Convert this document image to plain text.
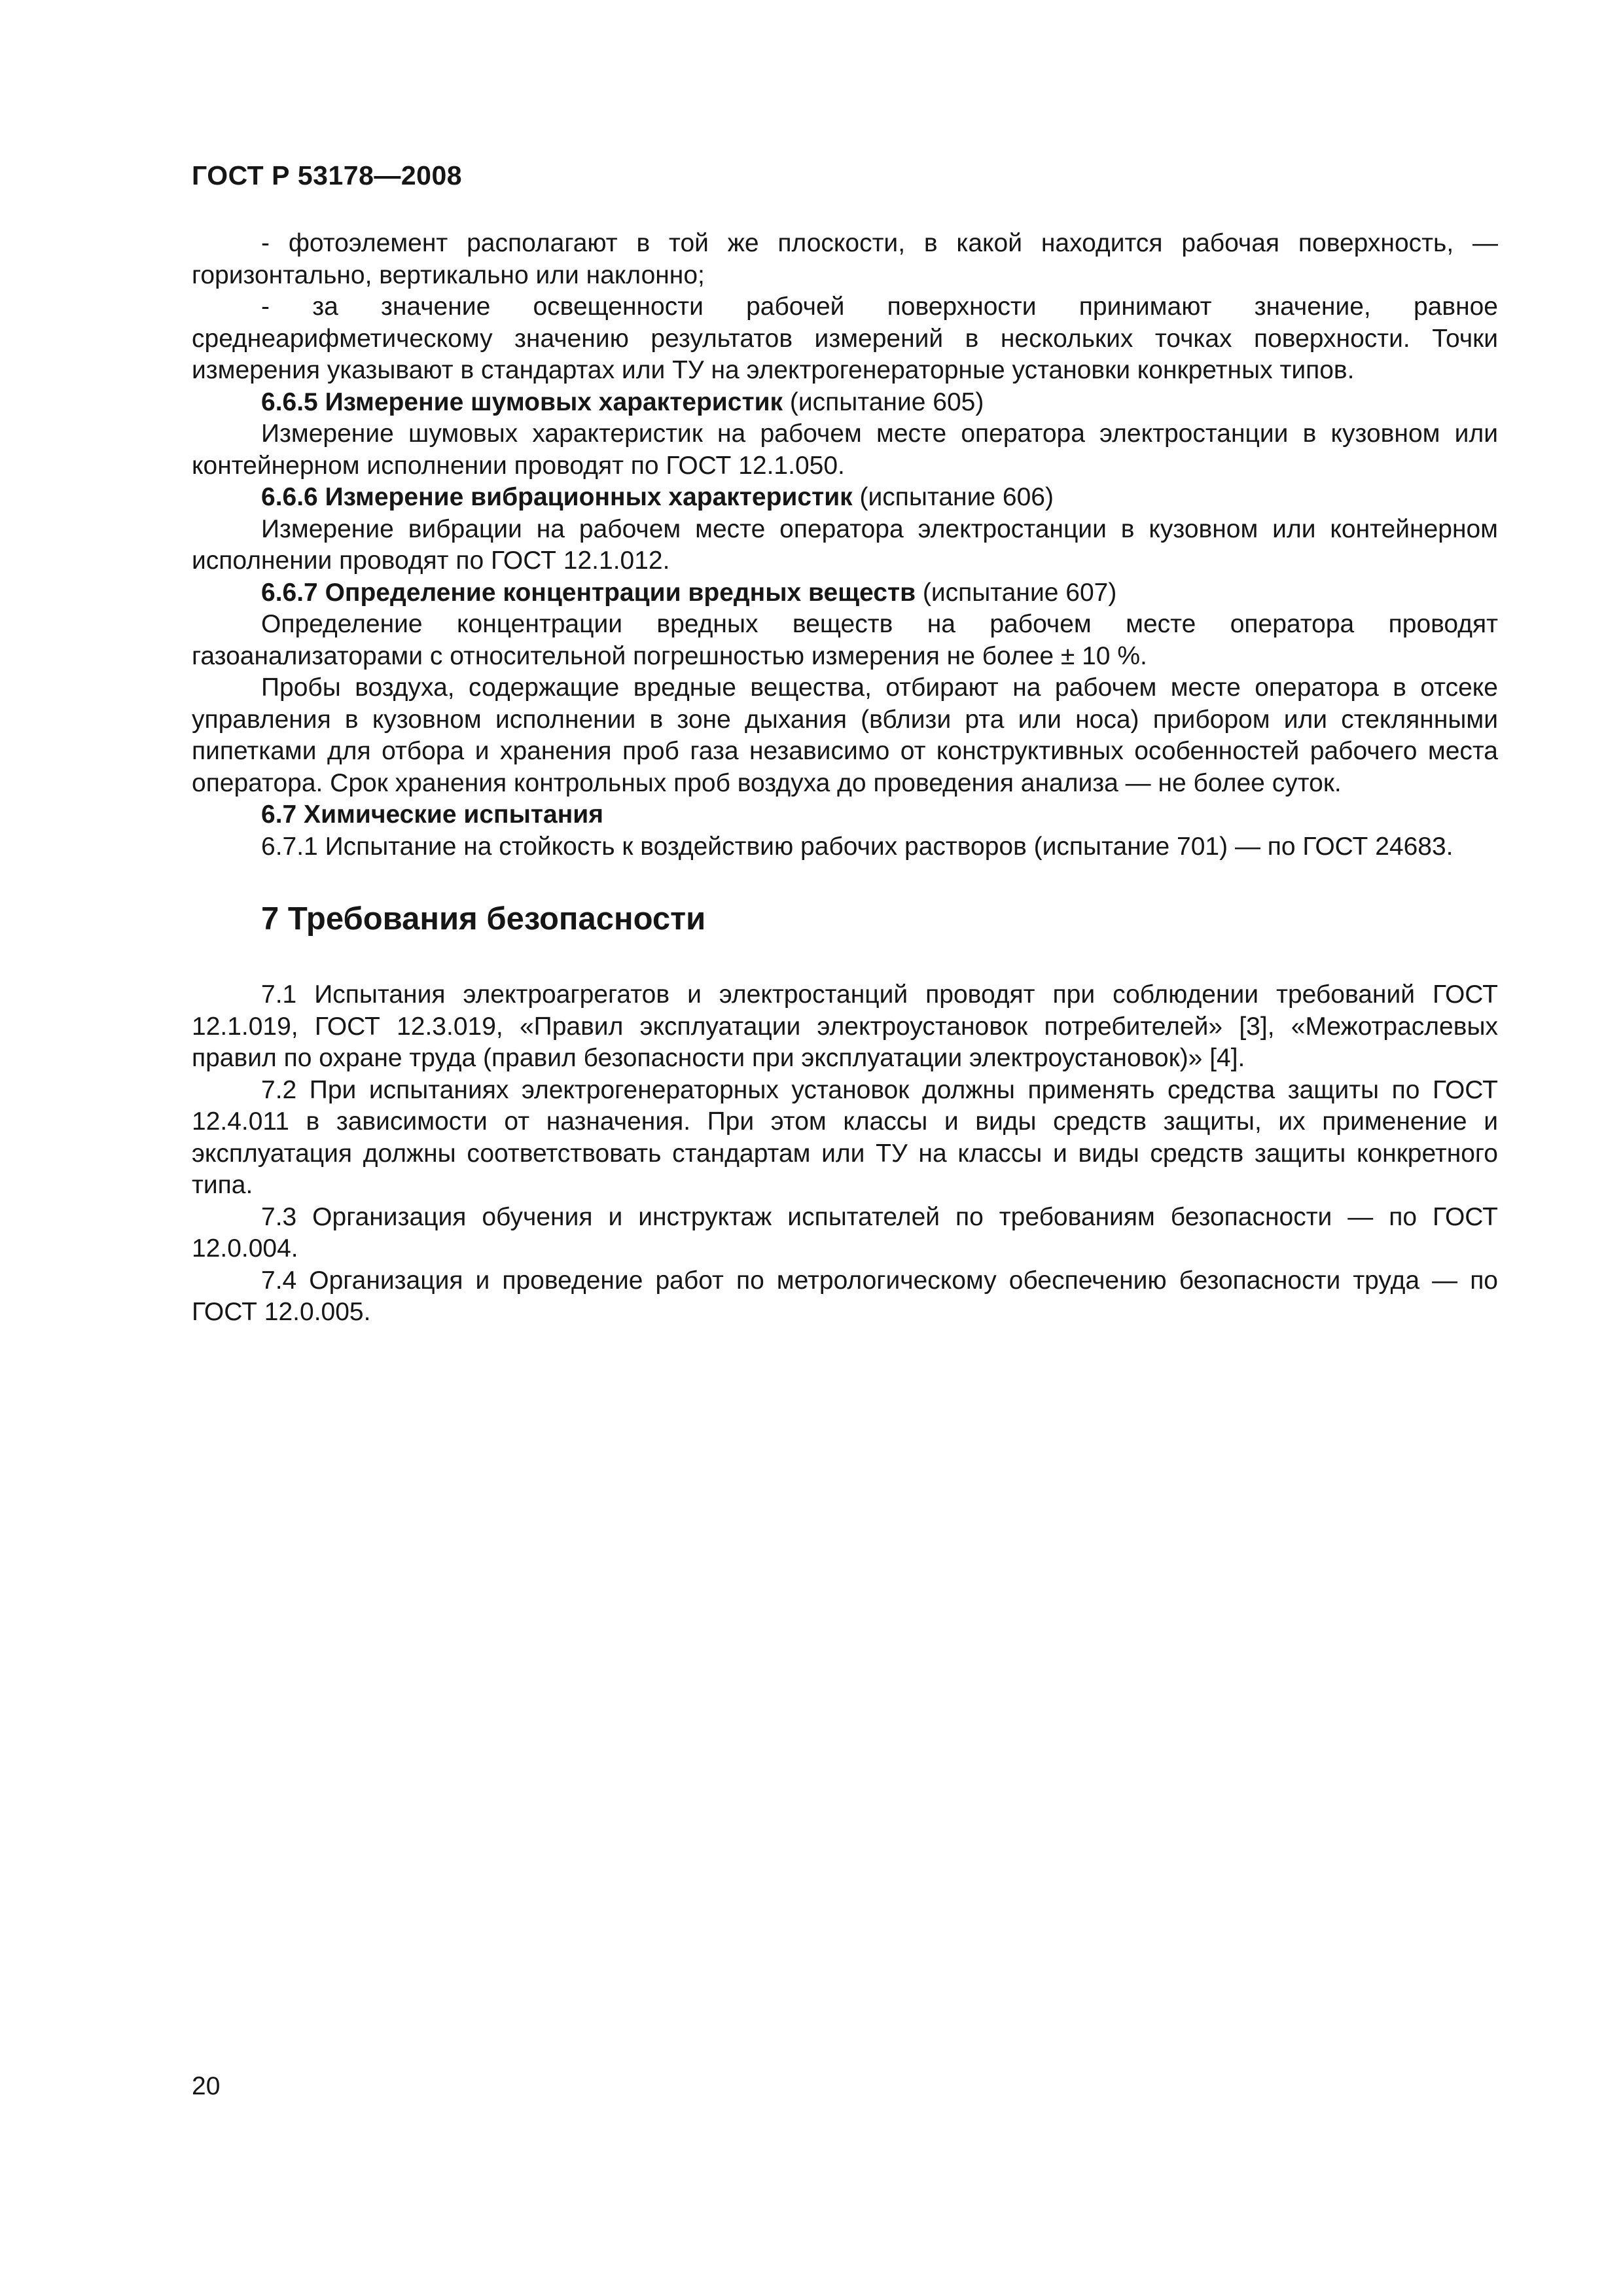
ГОСТ Р 53178—2008

- фотоэлемент располагают в той же плоскости, в какой находится рабочая поверхность, — горизонтально, вертикально или наклонно;

- за значение освещенности рабочей поверхности принимают значение, равное среднеарифметическому значению результатов измерений в нескольких точках поверхности. Точки измерения указывают в стандартах или ТУ на электрогенераторные установки конкретных типов.

6.6.5 Измерение шумовых характеристик (испытание 605)

Измерение шумовых характеристик на рабочем месте оператора электростанции в кузовном или контейнерном исполнении проводят по ГОСТ 12.1.050.

6.6.6 Измерение вибрационных характеристик (испытание 606)

Измерение вибрации на рабочем месте оператора электростанции в кузовном или контейнерном исполнении проводят по ГОСТ 12.1.012.

6.6.7 Определение концентрации вредных веществ (испытание 607)

Определение концентрации вредных веществ на рабочем месте оператора проводят газоанализаторами с относительной погрешностью измерения не более ± 10 %.

Пробы воздуха, содержащие вредные вещества, отбирают на рабочем месте оператора в отсеке управления в кузовном исполнении в зоне дыхания (вблизи рта или носа) прибором или стеклянными пипетками для отбора и хранения проб газа независимо от конструктивных особенностей рабочего места оператора. Срок хранения контрольных проб воздуха до проведения анализа — не более суток.

6.7 Химические испытания

6.7.1 Испытание на стойкость к воздействию рабочих растворов (испытание 701) — по ГОСТ 24683.

7 Требования безопасности

7.1 Испытания электроагрегатов и электростанций проводят при соблюдении требований ГОСТ 12.1.019, ГОСТ 12.3.019, «Правил эксплуатации электроустановок потребителей» [3], «Межотраслевых правил по охране труда (правил безопасности при эксплуатации электроустановок)» [4].

7.2 При испытаниях электрогенераторных установок должны применять средства защиты по ГОСТ 12.4.011 в зависимости от назначения. При этом классы и виды средств защиты, их применение и эксплуатация должны соответствовать стандартам или ТУ на классы и виды средств защиты конкретного типа.

7.3 Организация обучения и инструктаж испытателей по требованиям безопасности — по ГОСТ 12.0.004.

7.4 Организация и проведение работ по метрологическому обеспечению безопасности труда — по ГОСТ 12.0.005.

20
